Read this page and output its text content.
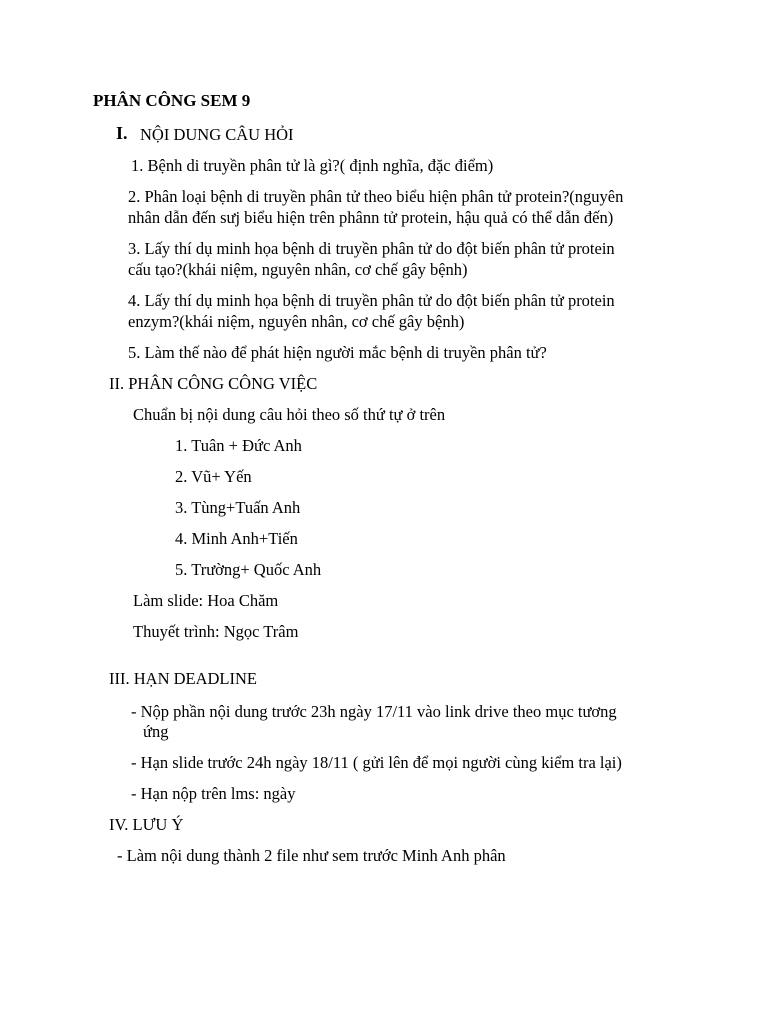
PHÂN CÔNG SEM 9
I. NỘI DUNG CÂU HỎI
1. Bệnh di truyền phân tử là gì?( định nghĩa, đặc điểm)
2. Phân loại bệnh di truyền phân tử theo biểu hiện phân tử protein?(nguyên
nhân dẫn đến sưj biểu hiện trên phânn tử protein, hậu quả có thể dẫn đến)
3. Lấy thí dụ minh họa bệnh di truyền phân tử do đột biến phân tử protein
cấu tạo?(khái niệm, nguyên nhân, cơ chế gây bệnh)
4. Lấy thí dụ minh họa bệnh di truyền phân tử do đột biến phân tử protein
enzym?(khái niệm, nguyên nhân, cơ chế gây bệnh)
5. Làm thế nào để phát hiện người mắc bệnh di truyền phân tử?
II. PHÂN CÔNG CÔNG VIỆC
Chuẩn bị nội dung câu hỏi theo số thứ tự ở trên
1. Tuân + Đức Anh
2. Vũ+ Yến
3. Tùng+Tuấn Anh
4. Minh Anh+Tiến
5. Trường+ Quốc Anh
Làm slide: Hoa Chăm
Thuyết trình: Ngọc Trâm
III. HẠN DEADLINE
- Nộp phần nội dung trước 23h ngày 17/11 vào link drive theo mục tương
ứng
- Hạn slide trước 24h ngày 18/11 ( gửi lên để mọi người cùng kiểm tra lại)
- Hạn nộp trên lms: ngày
IV. LƯU Ý
- Làm nội dung thành 2 file như sem trước Minh Anh phân
